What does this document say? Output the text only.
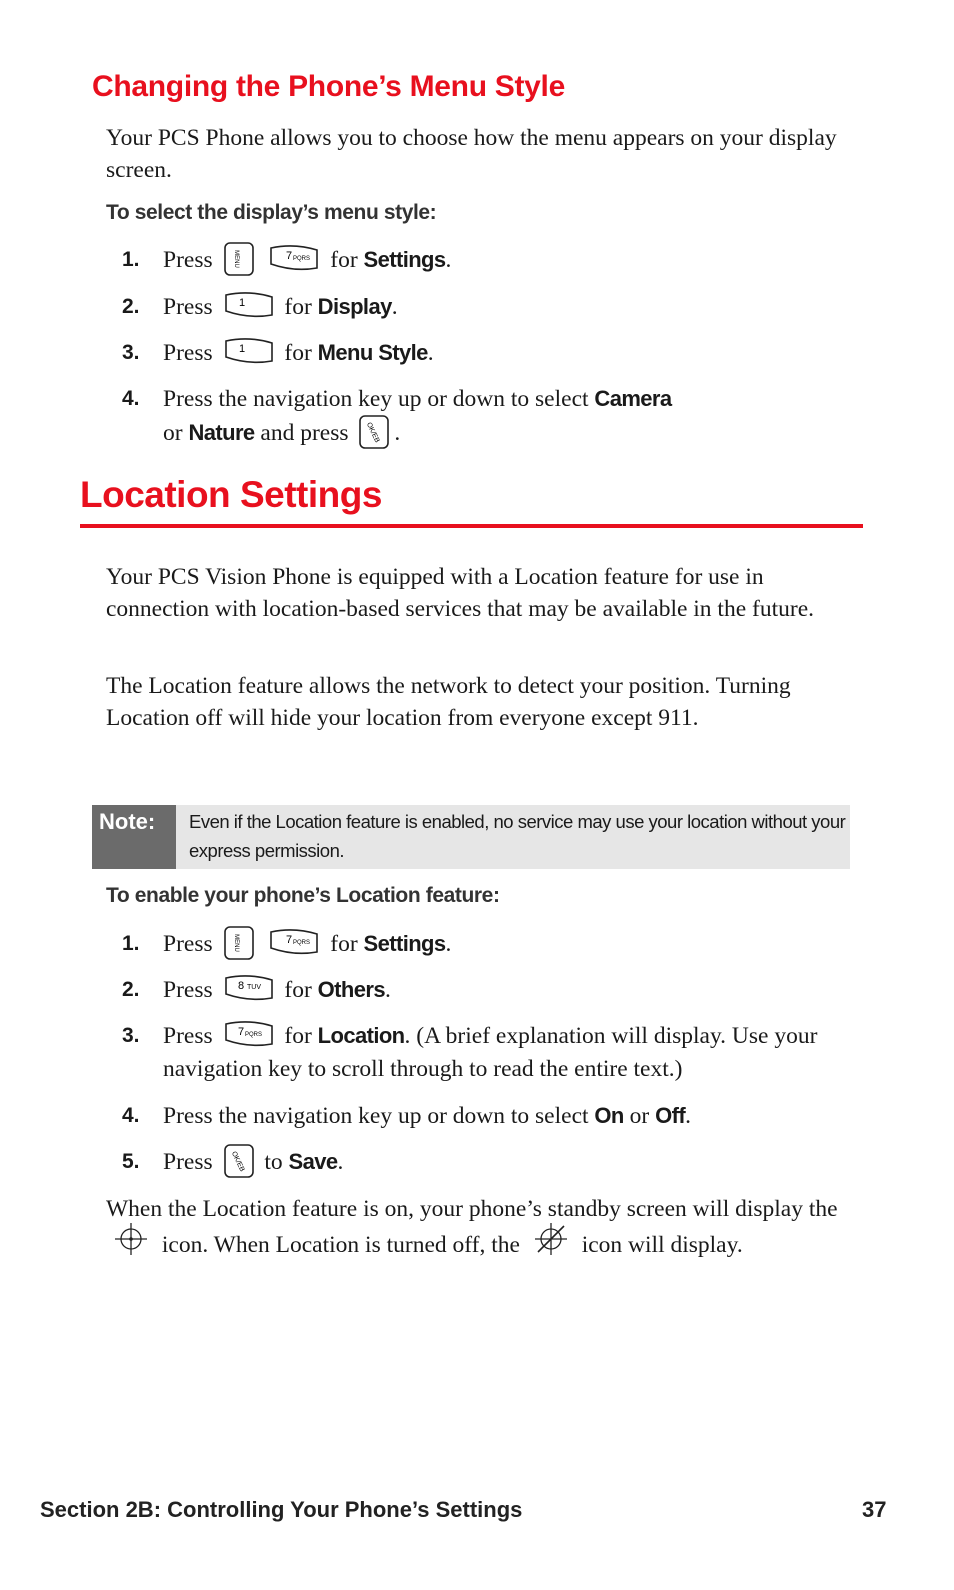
Changing the Phone’s Menu Style

Your PCS Phone allows you to choose how the menu appears on your display screen.

To select the display’s menu style:
1. Press	MENU
	7 PQRS for Settings.
2. Press 1 for Display.
3. Press 1 for Menu Style.
4. Press the navigation key up or down to select Camera
or Nature and press OK/EB .
Location Settings

Your PCS Vision Phone is equipped with a Location feature for use in connection with location-based services that may be available in the future.

The Location feature allows the network to detect your position. Turning Location off will hide your location from everyone except 911.

Note: Even if the Location feature is enabled, no service may use your location without your express permission.

To enable your phone’s Location feature:
1. Press	MENU
	7 PQRS for Settings.
2. Press 8 TUV for Others.
3. Press 7 PQRS for Location. (A brief explanation will display. Use your navigation key to scroll through to read the entire text.)
4. Press the navigation key up or down to select On or Off.
5. Press OK/EB to Save.

When the Location feature is on, your phone’s standby screen will display the  icon. When Location is turned off, the	icon will display.

Section 2B: Controlling Your Phone’s Settings	37
